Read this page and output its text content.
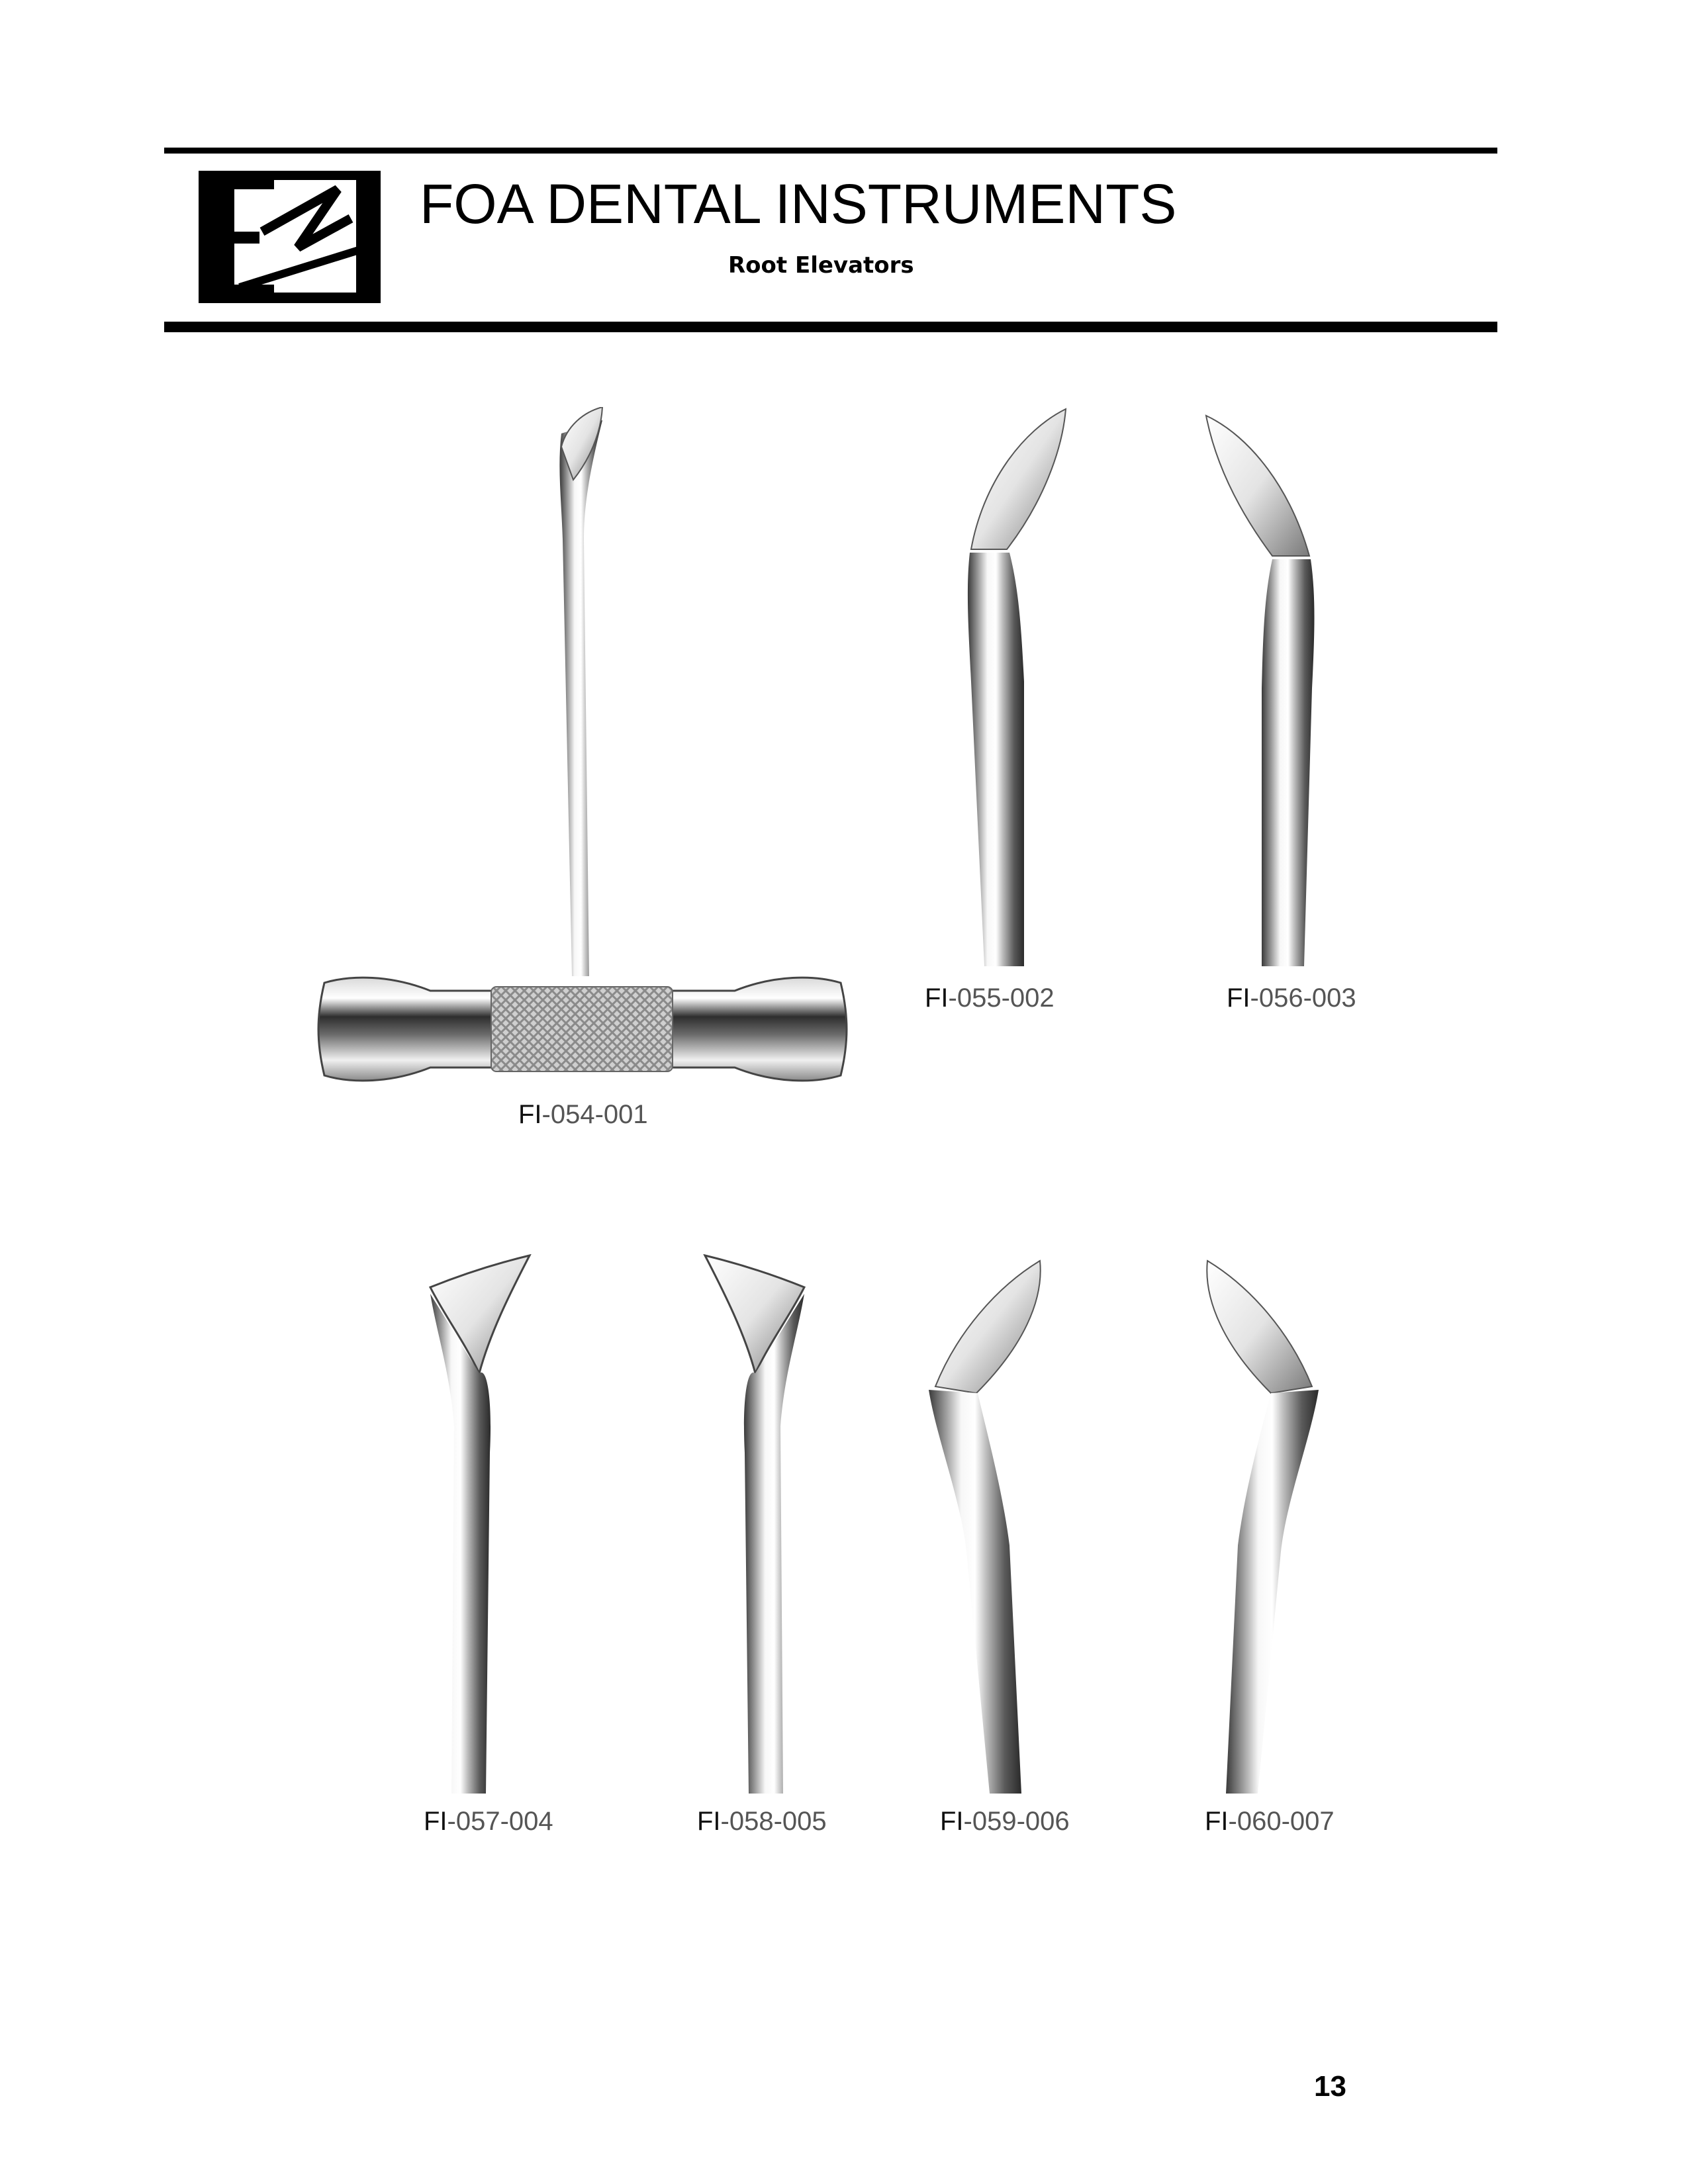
FOA DENTAL INSTRUMENTS
Root Elevators
FI-054-001
FI-055-002	FI-056-003
FI-057-004	FI-058-005	FI-059-006	FI-060-007
13
